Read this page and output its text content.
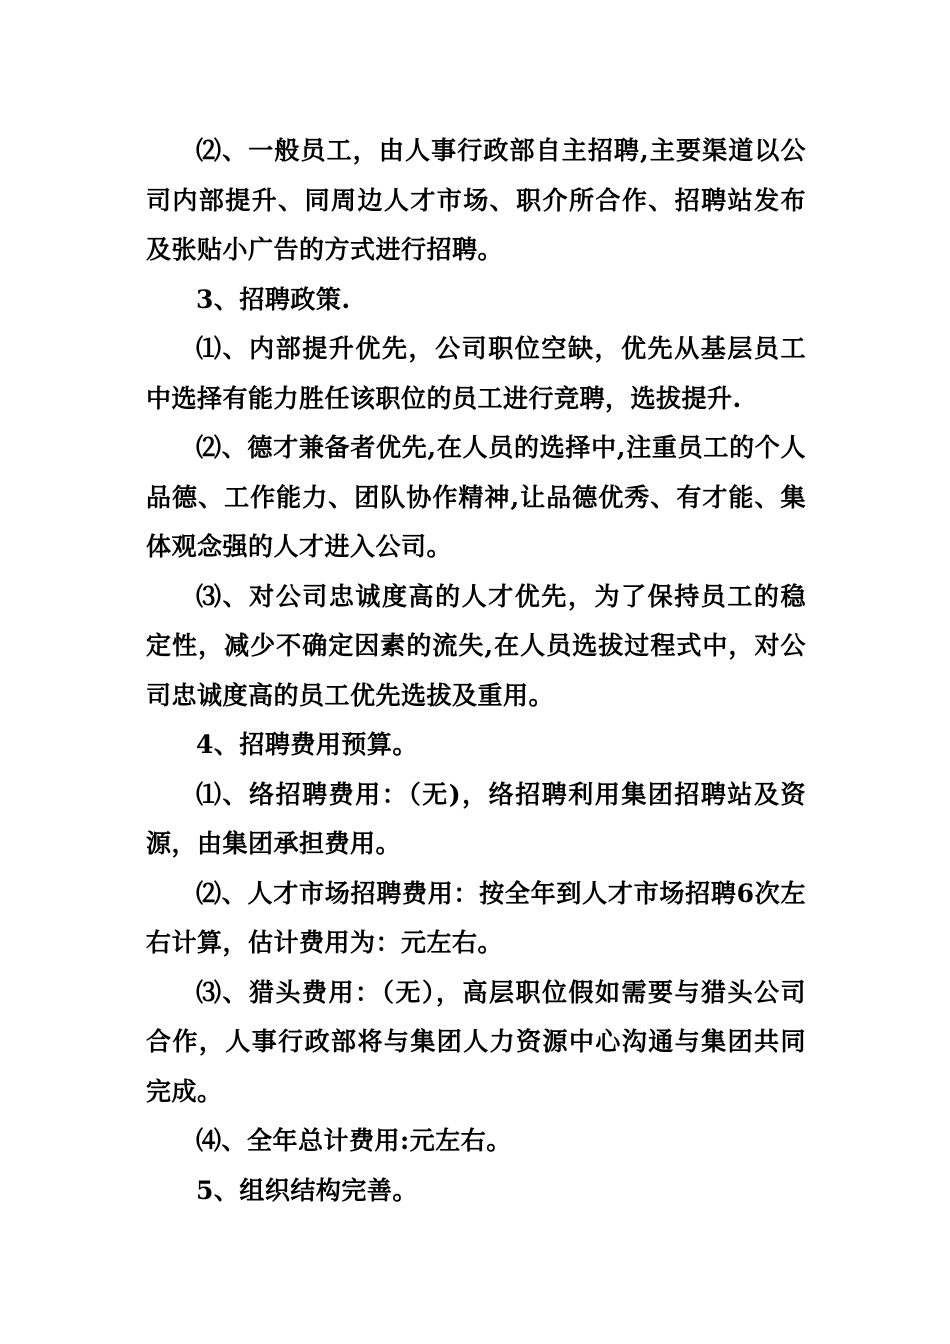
⑵、一般员工，由人事行政部自主招聘,主要渠道以公司内部提升、同周边人才市场、职介所合作、招聘站发布及张贴小广告的方式进行招聘。

3、招聘政策.

⑴、内部提升优先，公司职位空缺，优先从基层员工中选择有能力胜任该职位的员工进行竞聘，选拔提升.

⑵、德才兼备者优先,在人员的选择中,注重员工的个人品德、工作能力、团队协作精神,让品德优秀、有才能、集体观念强的人才进入公司。

⑶、对公司忠诚度高的人才优先，为了保持员工的稳定性，减少不确定因素的流失,在人员选拔过程式中，对公司忠诚度高的员工优先选拔及重用。

4、招聘费用预算。

⑴、络招聘费用：（无)，络招聘利用集团招聘站及资源，由集团承担费用。

⑵、人才市场招聘费用：按全年到人才市场招聘6次左右计算，估计费用为：元左右。

⑶、猎头费用：（无），高层职位假如需要与猎头公司合作，人事行政部将与集团人力资源中心沟通与集团共同完成。

⑷、全年总计费用:元左右。

5、组织结构完善。
